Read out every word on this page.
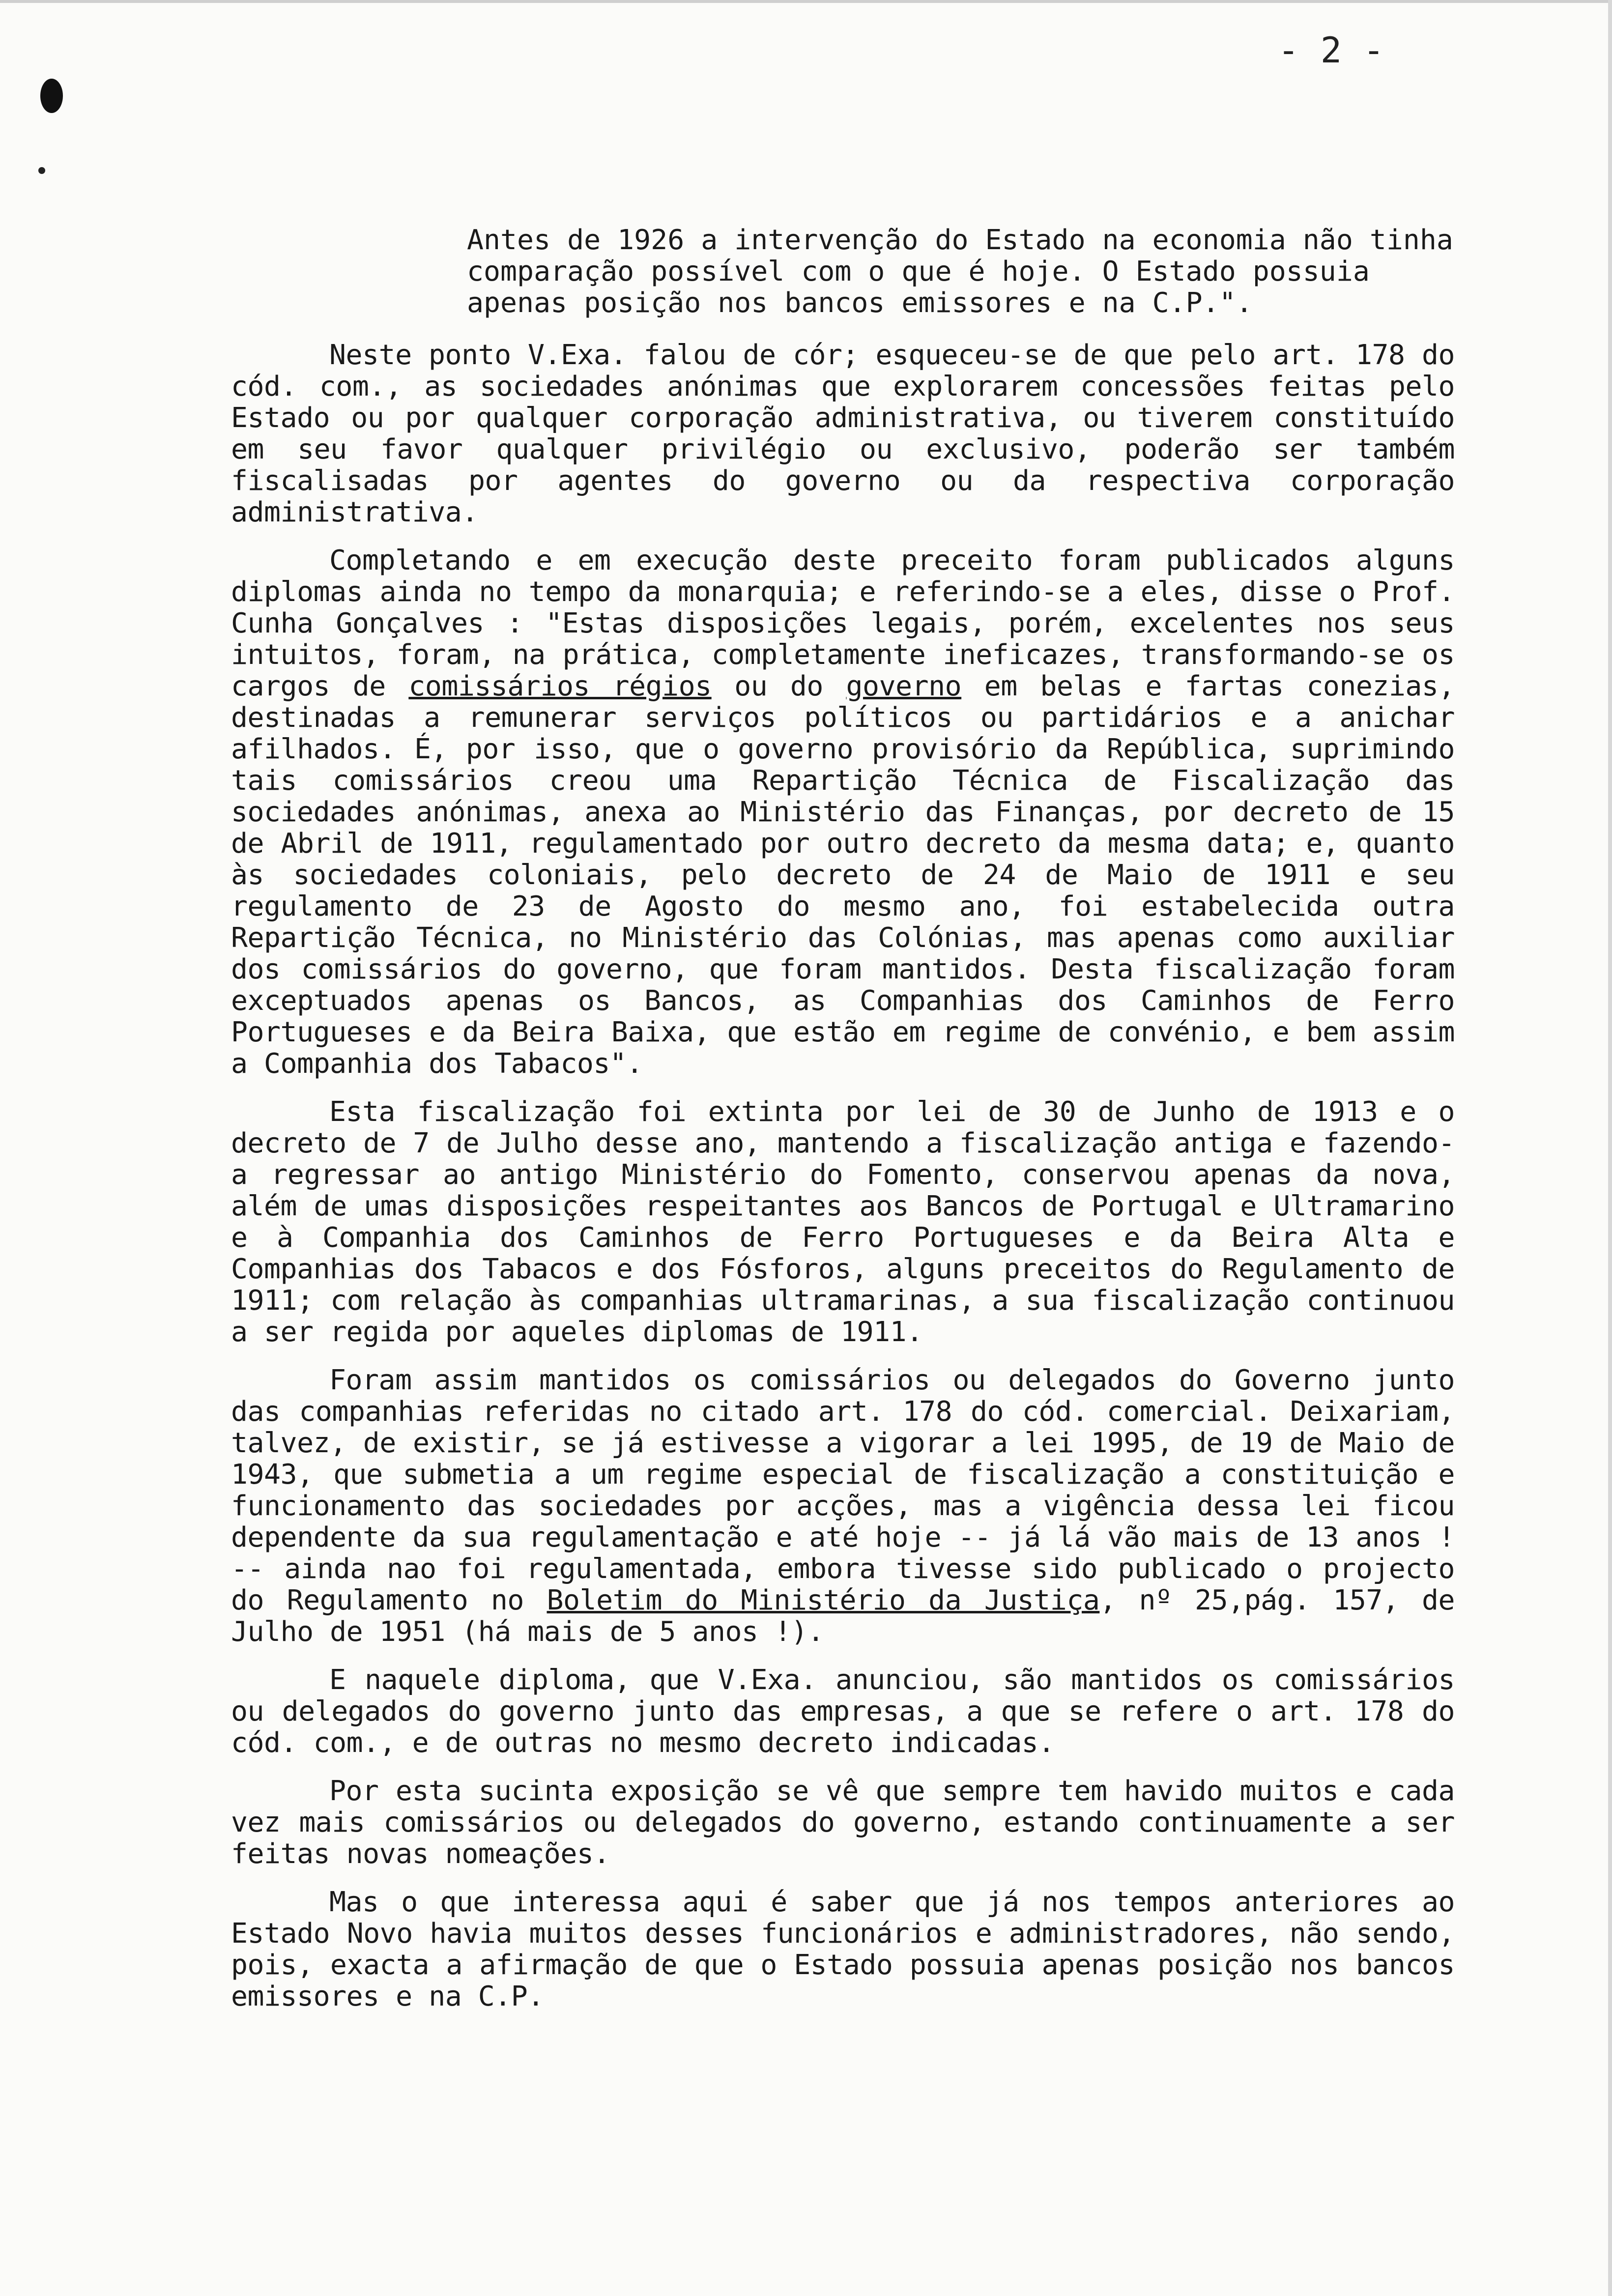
- 2 -

Antes de 1926 a intervenção do Estado na economia não tinha comparação possível com o que é hoje. O Estado possuia apenas posição nos bancos emissores e na C.P.".

Neste ponto V.Exa. falou de cór; esqueceu-se de que pelo art. 178 do cód. com., as sociedades anónimas que explorarem concessões feitas pelo Estado ou por qualquer corporação administrativa, ou tiverem constituído em seu favor qualquer privilégio ou exclusivo, poderão ser também fiscalisadas por agentes do governo ou da respectiva corporação administrativa.

Completando e em execução deste preceito foram publicados alguns diplomas ainda no tempo da monarquia; e referindo-se a eles, disse o Prof. Cunha Gonçalves : "Estas disposições legais, porém, excelentes nos seus intuitos, foram, na prática, completamente ineficazes, transformando-se os cargos de comissários régios ou do governo em belas e fartas conezias, destinadas a remunerar serviços políticos ou partidários e a anichar afilhados. É, por isso, que o governo provisório da República, suprimindo tais comissários creou uma Repartição Técnica de Fiscalização das sociedades anónimas, anexa ao Ministério das Finanças, por decreto de 15 de Abril de 1911, regulamentado por outro decreto da mesma data; e, quanto às sociedades coloniais, pelo decreto de 24 de Maio de 1911 e seu regulamento de 23 de Agosto do mesmo ano, foi estabelecida outra Repartição Técnica, no Ministério das Colónias, mas apenas como auxiliar dos comissários do governo, que foram mantidos. Desta fiscalização foram exceptuados apenas os Bancos, as Companhias dos Caminhos de Ferro Portugueses e da Beira Baixa, que estão em regime de convénio, e bem assim a Companhia dos Tabacos".

Esta fiscalização foi extinta por lei de 30 de Junho de 1913 e o decreto de 7 de Julho desse ano, mantendo a fiscalização antiga e fazendo-a regressar ao antigo Ministério do Fomento, conservou apenas da nova, além de umas disposições respeitantes aos Bancos de Portugal e Ultramarino e à Companhia dos Caminhos de Ferro Portugueses e da Beira Alta e Companhias dos Tabacos e dos Fósforos, alguns preceitos do Regulamento de 1911; com relação às companhias ultramarinas, a sua fiscalização continuou a ser regida por aqueles diplomas de 1911.

Foram assim mantidos os comissários ou delegados do Governo junto das companhias referidas no citado art. 178 do cód. comercial. Deixariam, talvez, de existir, se já estivesse a vigorar a lei 1995, de 19 de Maio de 1943, que submetia a um regime especial de fiscalização a constituição e funcionamento das sociedades por acções, mas a vigência dessa lei ficou dependente da sua regulamentação e até hoje -- já lá vão mais de 13 anos ! -- ainda nao foi regulamentada, embora tivesse sido publicado o projecto do Regulamento no Boletim do Ministério da Justiça, nº 25,pág. 157, de Julho de 1951 (há mais de 5 anos !).

E naquele diploma, que V.Exa. anunciou, são mantidos os comissários ou delegados do governo junto das empresas, a que se refere o art. 178 do cód. com., e de outras no mesmo decreto indicadas.

Por esta sucinta exposição se vê que sempre tem havido muitos e cada vez mais comissários ou delegados do governo, estando continuamente a ser feitas novas nomeações.

Mas o que interessa aqui é saber que já nos tempos anteriores ao Estado Novo havia muitos desses funcionários e administradores, não sendo, pois, exacta a afirmação de que o Estado possuia apenas posição nos bancos emissores e na C.P.
